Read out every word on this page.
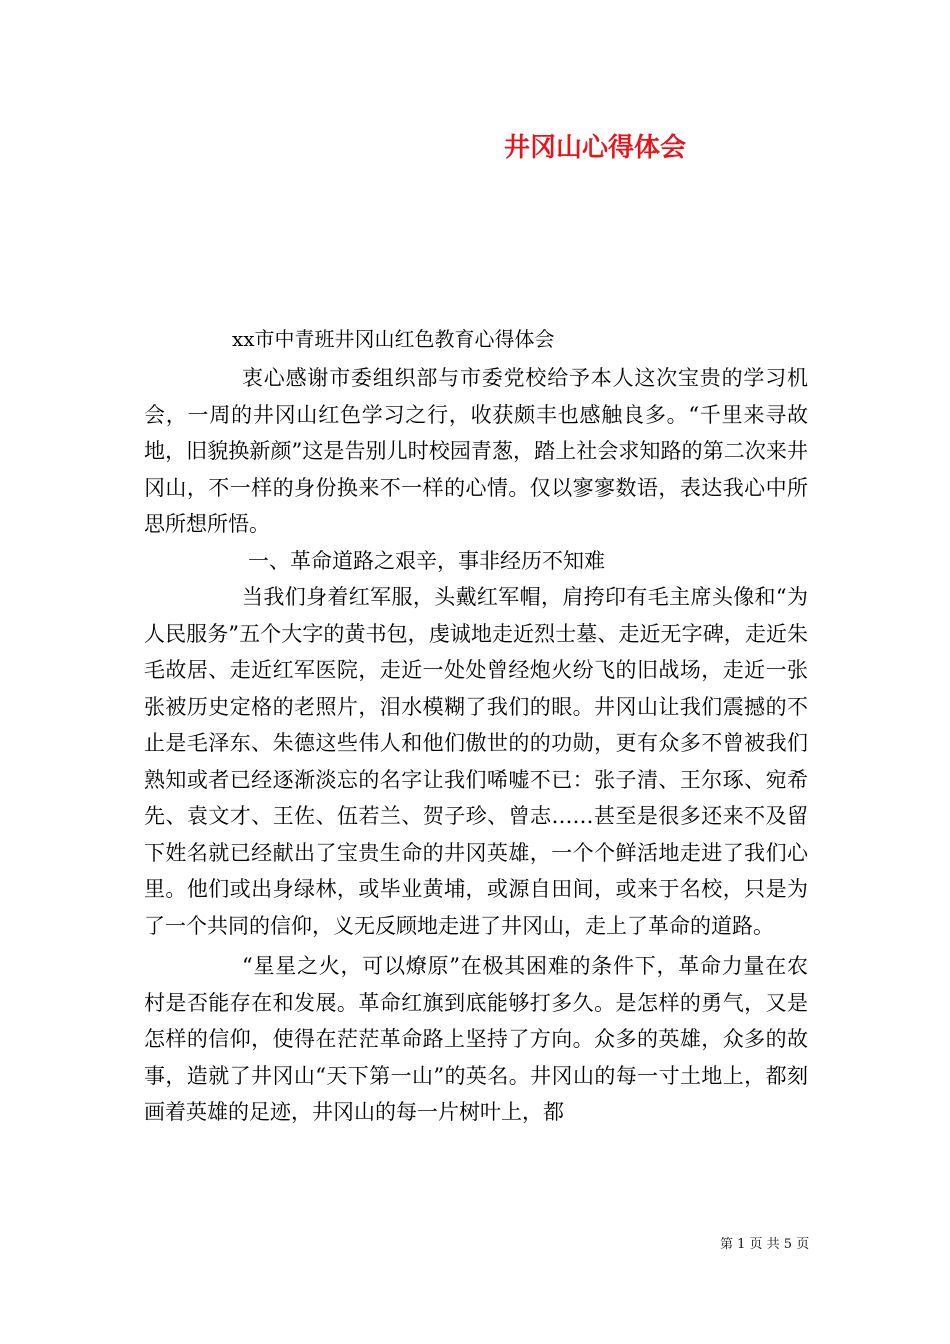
井冈山心得体会
xx市中青班井冈山红色教育心得体会

衷心感谢市委组织部与市委党校给予本人这次宝贵的学习机会，一周的井冈山红色学习之行，收获颇丰也感触良多。“千里来寻故地，旧貌换新颜”这是告别儿时校园青葱，踏上社会求知路的第二次来井冈山，不一样的身份换来不一样的心情。仅以寥寥数语，表达我心中所思所想所悟。

一、革命道路之艰辛，事非经历不知难

当我们身着红军服，头戴红军帽，肩挎印有毛主席头像和“为人民服务”五个大字的黄书包，虔诚地走近烈士墓、走近无字碑，走近朱毛故居、走近红军医院，走近一处处曾经炮火纷飞的旧战场，走近一张张被历史定格的老照片，泪水模糊了我们的眼。井冈山让我们震撼的不止是毛泽东、朱德这些伟人和他们傲世的的功勋，更有众多不曾被我们熟知或者已经逐渐淡忘的名字让我们唏嘘不已：张子清、王尔琢、宛希先、袁文才、王佐、伍若兰、贺子珍、曾志……甚至是很多还来不及留下姓名就已经献出了宝贵生命的井冈英雄，一个个鲜活地走进了我们心里。他们或出身绿林，或毕业黄埔，或源自田间，或来于名校，只是为了一个共同的信仰，义无反顾地走进了井冈山，走上了革命的道路。

“星星之火，可以燎原”在极其困难的条件下，革命力量在农村是否能存在和发展。革命红旗到底能够打多久。是怎样的勇气，又是怎样的信仰，使得在茫茫革命路上坚持了方向。众多的英雄，众多的故事，造就了井冈山“天下第一山”的英名。井冈山的每一寸土地上，都刻画着英雄的足迹，井冈山的每一片树叶上，都

第 1 页 共 5 页
